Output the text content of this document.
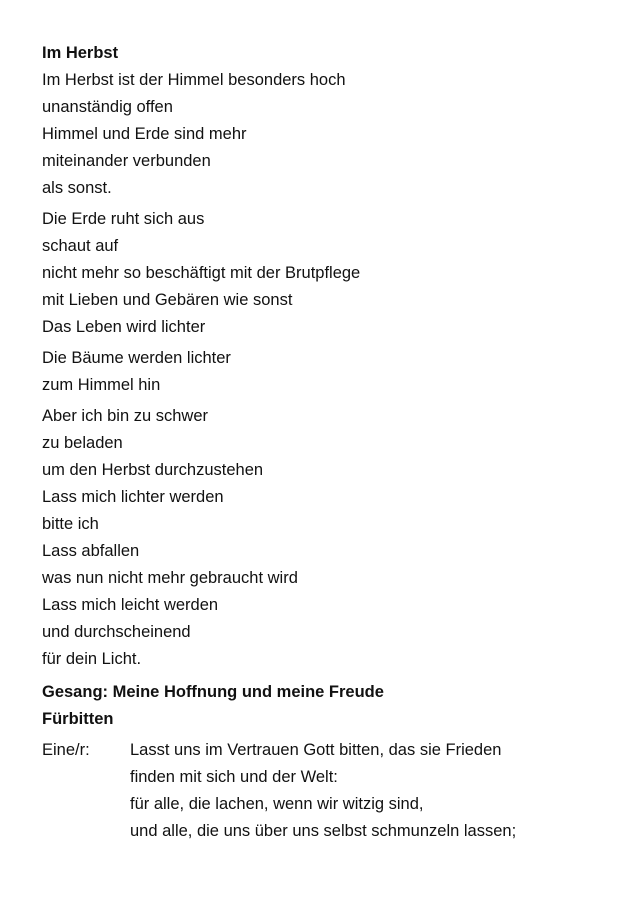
Im Herbst
Im Herbst ist der Himmel besonders hoch
unanständig offen
Himmel und Erde sind mehr
miteinander verbunden
als sonst.
Die Erde ruht sich aus
schaut auf
nicht mehr so beschäftigt mit der Brutpflege
mit Lieben und Gebären wie sonst
Das Leben wird lichter
Die Bäume werden lichter
zum Himmel hin
Aber ich bin zu schwer
zu beladen
um den Herbst durchzustehen
Lass mich lichter werden
bitte ich
Lass abfallen
was nun nicht mehr gebraucht wird
Lass mich leicht werden
und durchscheinend
für dein Licht.
Gesang: Meine Hoffnung und meine Freude
Fürbitten
Eine/r:	Lasst uns im Vertrauen Gott bitten, das sie Frieden
finden mit sich und der Welt:
für alle, die lachen, wenn wir witzig sind,
und alle, die uns über uns selbst schmunzeln lassen;
